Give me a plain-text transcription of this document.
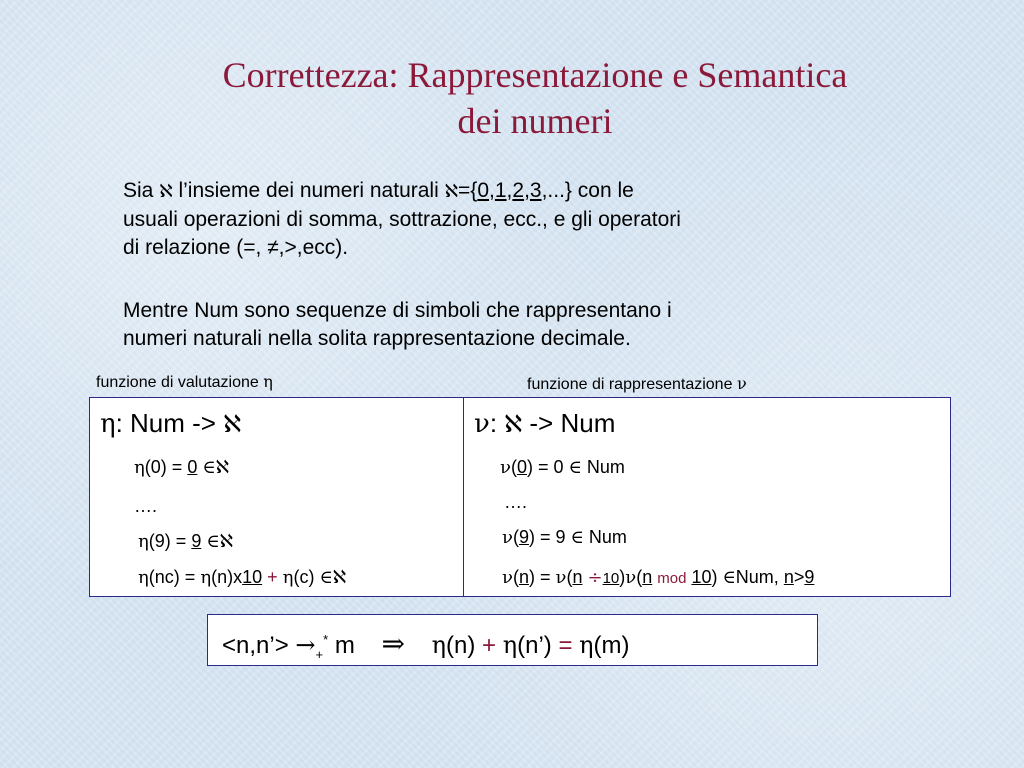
Correttezza: Rappresentazione e Semantica
dei numeri
Sia ℵ l’insieme dei numeri naturali ℵ={0,1,2,3,...} con le
usuali operazioni di somma, sottrazione, ecc., e gli operatori
di relazione (=, ≠,>,ecc).
Mentre Num sono sequenze di simboli che rappresentano i
numeri naturali nella solita rappresentazione decimale.
funzione di valutazione η	funzione di rappresentazione ν
η: Num -> ℵ
η(0) = 0 ∈ℵ
….
η(9) = 9 ∈ℵ
η(nc) = η(n)x10 + η(c) ∈ℵ
ν: ℵ -> Num
ν(0) = 0 ∈ Num
….
ν(9) = 9 ∈ Num
ν(n) = ν(n ÷10)ν(n mod 10) ∈Num, n>9
<n,n’> $\to_+^*$ m ⇒ η(n) + η(n’) = η(m)
